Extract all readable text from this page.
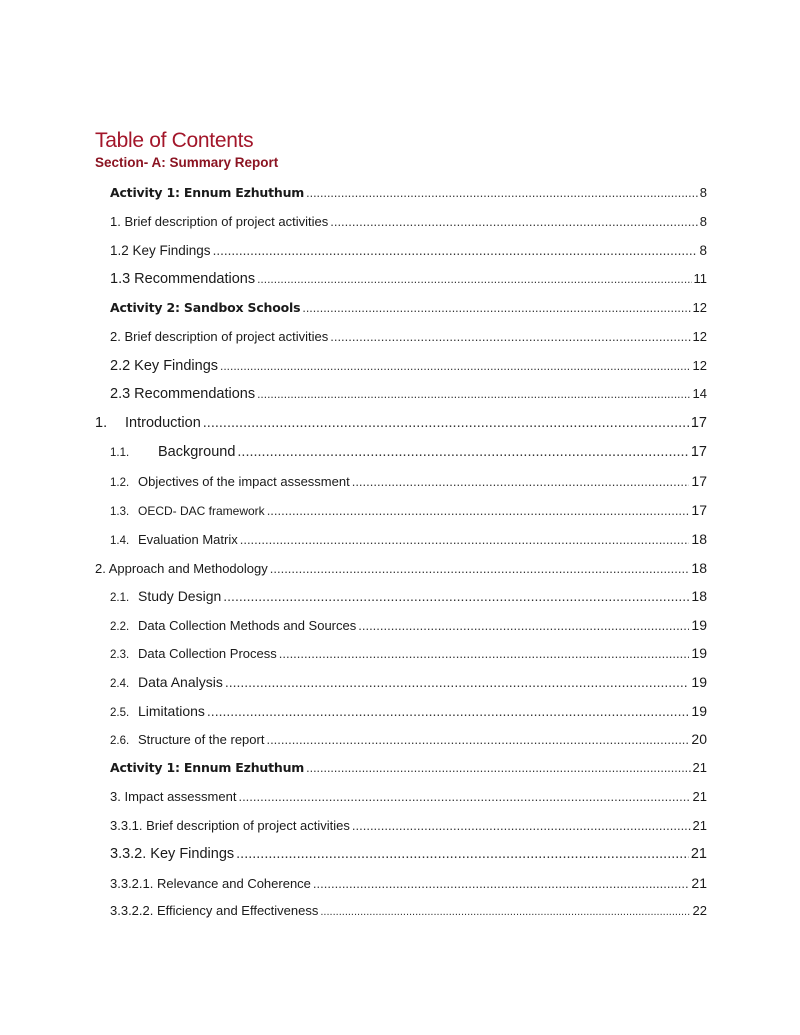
Table of Contents
Section- A: Summary Report
Activity 1: Ennum Ezhuthum .....	8
1. Brief description of project activities .....	8
1.2 Key Findings .....	8
1.3 Recommendations .....	11
Activity 2: Sandbox Schools .....	12
2. Brief description of project activities .....	12
2.2 Key Findings .....	12
2.3 Recommendations .....	14
1.	Introduction .....	17
1.1.	Background .....	17
1.2. Objectives of the impact assessment .....	17
1.3. OECD- DAC framework .....	17
1.4. Evaluation Matrix .....	18
2. Approach and Methodology .....	18
2.1. Study Design .....	18
2.2. Data Collection Methods and Sources .....	19
2.3. Data Collection Process .....	19
2.4. Data Analysis .....	19
2.5. Limitations .....	19
2.6. Structure of the report .....	20
Activity 1: Ennum Ezhuthum .....	21
3. Impact assessment .....	21
3.3.1. Brief description of project activities .....	21
3.3.2. Key Findings .....	21
3.3.2.1. Relevance and Coherence .....	21
3.3.2.2. Efficiency and Effectiveness .....	22
